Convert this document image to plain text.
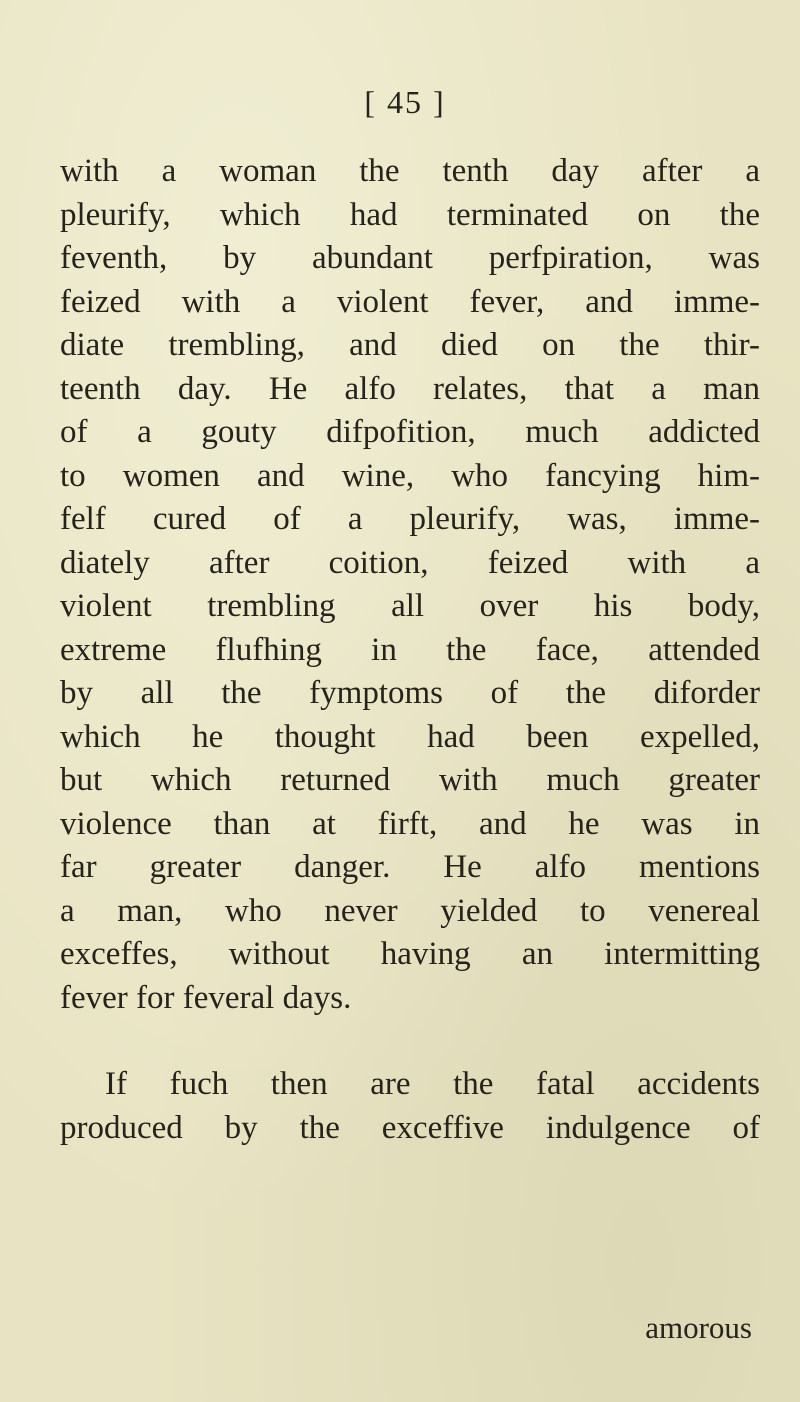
[ 45 ]
with a woman the tenth day after a
pleurify, which had terminated on the
feventh, by abundant perfpiration, was
feized with a violent fever, and imme-
diate trembling, and died on the thir-
teenth day. He alfo relates, that a man
of a gouty difpofition, much addicted
to women and wine, who fancying him-
felf cured of a pleurify, was, imme-
diately after coition, feized with a
violent trembling all over his body,
extreme flufhing in the face, attended
by all the fymptoms of the diforder
which he thought had been expelled,
but which returned with much greater
violence than at firft, and he was in
far greater danger. He alfo mentions
a man, who never yielded to venereal
exceffes, without having an intermitting
fever for feveral days.
If fuch then are the fatal accidents
produced by the exceffive indulgence of
amorous
